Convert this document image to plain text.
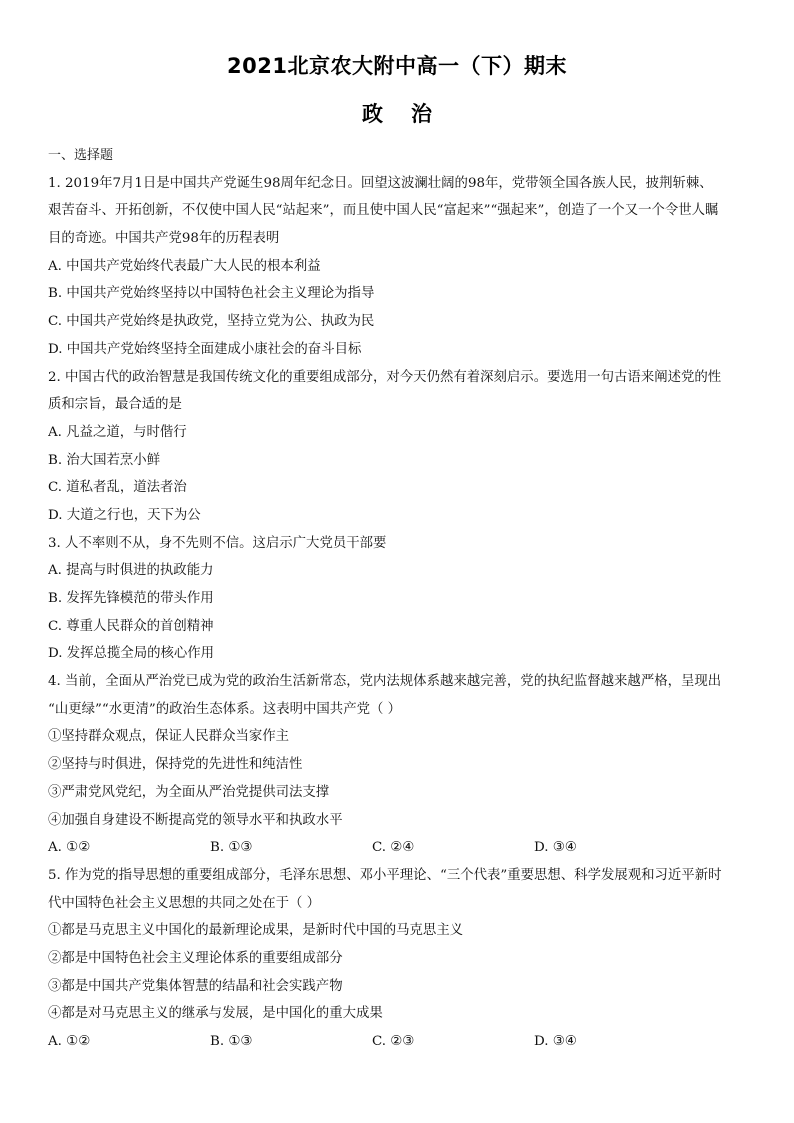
2021北京农大附中高一（下）期末
政治
一、选择题
1. 2019年7月1日是中国共产党诞生98周年纪念日。回望这波澜壮阔的98年，党带领全国各族人民，披荆斩棘、
艰苦奋斗、开拓创新，不仅使中国人民“站起来”，而且使中国人民“富起来”“强起来”，创造了一个又一个令世人瞩
目的奇迹。中国共产党98年的历程表明
A. 中国共产党始终代表最广大人民的根本利益
B. 中国共产党始终坚持以中国特色社会主义理论为指导
C. 中国共产党始终是执政党，坚持立党为公、执政为民
D. 中国共产党始终坚持全面建成小康社会的奋斗目标
2. 中国古代的政治智慧是我国传统文化的重要组成部分，对今天仍然有着深刻启示。要选用一句古语来阐述党的性
质和宗旨，最合适的是
A. 凡益之道，与时偕行
B. 治大国若烹小鲜
C. 道私者乱，道法者治
D. 大道之行也，天下为公
3. 人不率则不从，身不先则不信。这启示广大党员干部要
A. 提高与时俱进的执政能力
B. 发挥先锋模范的带头作用
C. 尊重人民群众的首创精神
D. 发挥总揽全局的核心作用
4. 当前，全面从严治党已成为党的政治生活新常态，党内法规体系越来越完善，党的执纪监督越来越严格，呈现出
“山更绿”“水更清”的政治生态体系。这表明中国共产党（ ）
①坚持群众观点，保证人民群众当家作主
②坚持与时俱进，保持党的先进性和纯洁性
③严肃党风党纪，为全面从严治党提供司法支撑
④加强自身建设不断提高党的领导水平和执政水平
A. ①②	B. ①③	C. ②④	D. ③④
5. 作为党的指导思想的重要组成部分，毛泽东思想、邓小平理论、“三个代表”重要思想、科学发展观和习近平新时
代中国特色社会主义思想的共同之处在于（ ）
①都是马克思主义中国化的最新理论成果，是新时代中国的马克思主义
②都是中国特色社会主义理论体系的重要组成部分
③都是中国共产党集体智慧的结晶和社会实践产物
④都是对马克思主义的继承与发展，是中国化的重大成果
A. ①②	B. ①③	C. ②③	D. ③④
